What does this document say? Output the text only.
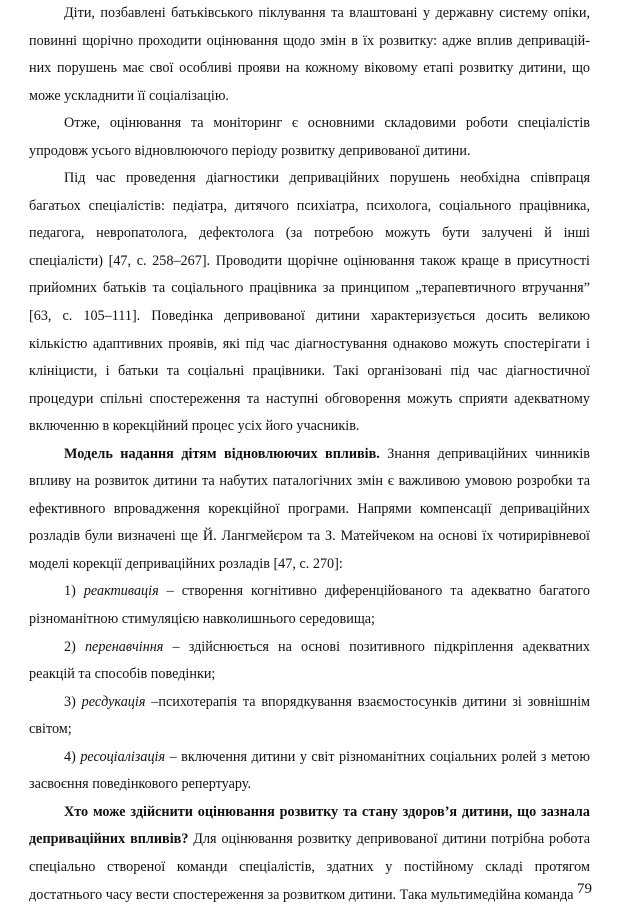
Діти, позбавлені батьківського піклування та влаштовані у державну систему опіки, повинні щорічно проходити оцінювання щодо змін в їх розвитку: адже вплив деприваційних порушень має свої особливі прояви на кожному віковому етапі розвитку дитини, що може ускладнити її соціалізацію.

Отже, оцінювання та моніторинг є основними складовими роботи спеціалістів упродовж усього відновлюючого періоду розвитку депривованої дитини.

Під час проведення діагностики деприваційних порушень необхідна співпраця багатьох спеціалістів: педіатра, дитячого психіатра, психолога, соціального працівника, педагога, невропатолога, дефектолога (за потребою можуть бути залучені й інші спеціалісти) [47, с. 258–267]. Проводити щорічне оцінювання також краще в присутності прийомних батьків та соціального працівника за принципом „терапевтичного втручання” [63, с. 105–111]. Поведінка депривованої дитини характеризується досить великою кількістю адаптивних проявів, які під час діагностування однаково можуть спостерігати і клініцисти, і батьки та соціальні працівники. Такі організовані під час діагностичної процедури спільні спостереження та наступні обговорення можуть сприяти адекватному включенню в корекційний процес усіх його учасників.

Модель надання дітям відновлюючих впливів. Знання деприваційних чинників впливу на розвиток дитини та набутих паталогічних змін є важливою умовою розробки та ефективного впровадження корекційної програми. Напрями компенсації деприваційних розладів були визначені ще Й. Лангмейєром та З. Матейчеком на основі їх чотирирівневої моделі корекції деприваційних розладів [47, с. 270]:

1) реактивація – створення когнітивно диференційованого та адекватно багатого різноманітною стимуляцією навколишнього середовища;

2) перенавчіння – здійснюється на основі позитивного підкріплення адекватних реакцій та способів поведінки;

3) ресдукація –психотерапія та впорядкування взаємостосунків дитини зі зовнішнім світом;

4) ресоціалізація – включення дитини у світ різноманітних соціальних ролей з метою засвоєння поведінкового репертуару.

Хто може здійснити оцінювання розвитку та стану здоров’я дитини, що зазнала деприваційних впливів? Для оцінювання розвитку депривованої дитини потрібна робота спеціально створеної команди спеціалістів, здатних у постійному складі протягом достатнього часу вести спостереження за розвитком дитини. Така мультимедійна команда 79
